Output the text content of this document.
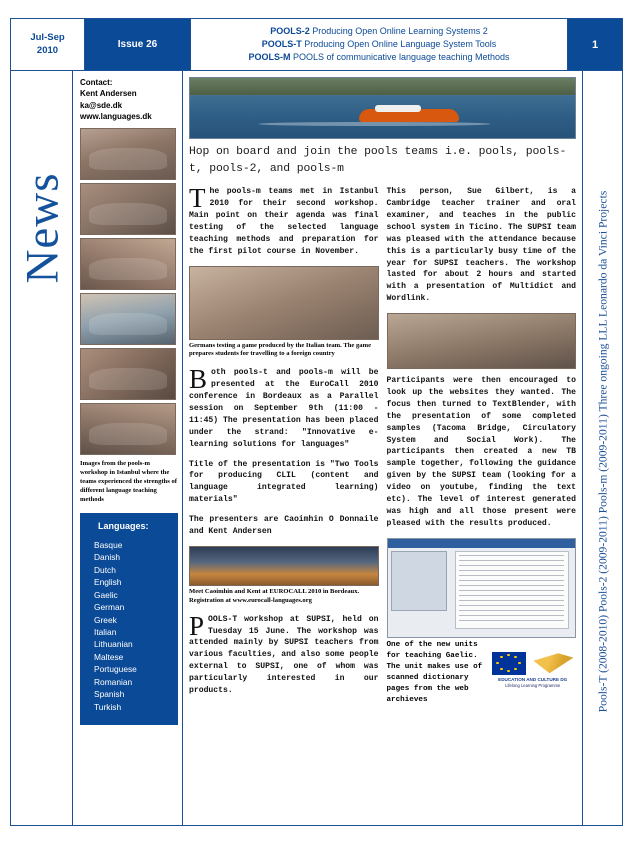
Jul-Sep
2010	Issue 26
POOLS-2 Producing Open Online Learning Systems 2
POOLS-T Producing Open Online Language System Tools
POOLS-M POOLS of communicative language teaching Methods
1
News
Contact:
Kent Andersen
ka@sde.dk
www.languages.dk
Images from the pools-m workshop in Istanbul where the teams experienced the strengths of different language teaching methods
Languages:
Basque
Danish
Dutch
English
Gaelic
German
Greek
Italian
Lithuanian
Maltese
Portuguese
Romanian
Spanish
Turkish
Hop on board and join the pools teams i.e. pools, pools-t, pools-2, and pools-m

The pools-m teams met in Istanbul 2010 for their second workshop. Main point on their agenda was final testing of the selected language teaching methods and preparation for the first pilot course in November.

Germans testing a game produced by the Italian team. The game prepares students for travelling to a foreign country

Both pools-t and pools-m will be presented at the EuroCall 2010 conference in Bordeaux as a Parallel session on September 9th (11:00 - 11:45) The presentation has been placed under the strand: "Innovative e-learning solutions for languages"

Title of the presentation is "Two Tools for producing CLIL (content and language integrated learning) materials"

The presenters are Caoimhin O Donnaile and Kent Andersen

Meet Caoimhin and Kent at EUROCALL 2010 in Bordeaux. Registration at www.eurocall-languages.org

POOLS-T workshop at SUPSI, held on Tuesday 15 June. The workshop was attended mainly by SUPSI teachers from various faculties, and also some people external to SUPSI, one of whom was particularly interested in our products.

This person, Sue Gilbert, is a Cambridge teacher trainer and oral examiner, and teaches in the public school system in Ticino. The SUPSI team was pleased with the attendance because this is a particularly busy time of the year for SUPSI teachers. The workshop lasted for about 2 hours and started with a presentation of Multidict and Wordlink.

Participants were then encouraged to look up the websites they wanted. The focus then turned to TextBlender, with the presentation of some completed samples (Tacoma Bridge, Circulatory System and Social Work). The participants then created a new TB sample together, following the guidance given by the SUPSI team (looking for a video on youtube, finding the text etc). The level of interest generated was high and all those present were pleased with the results produced.

One of the new units for teaching Gaelic. The unit makes use of scanned dictionary pages from the web archieves

EDUCATION AND CULTURE DG
Lifelong Learning Programme	Pools-T (2008-2010) Pools-2 (2009-2011) Pools-m (2009-2011) Three ongoing LLL Leonardo da Vinci Projects
